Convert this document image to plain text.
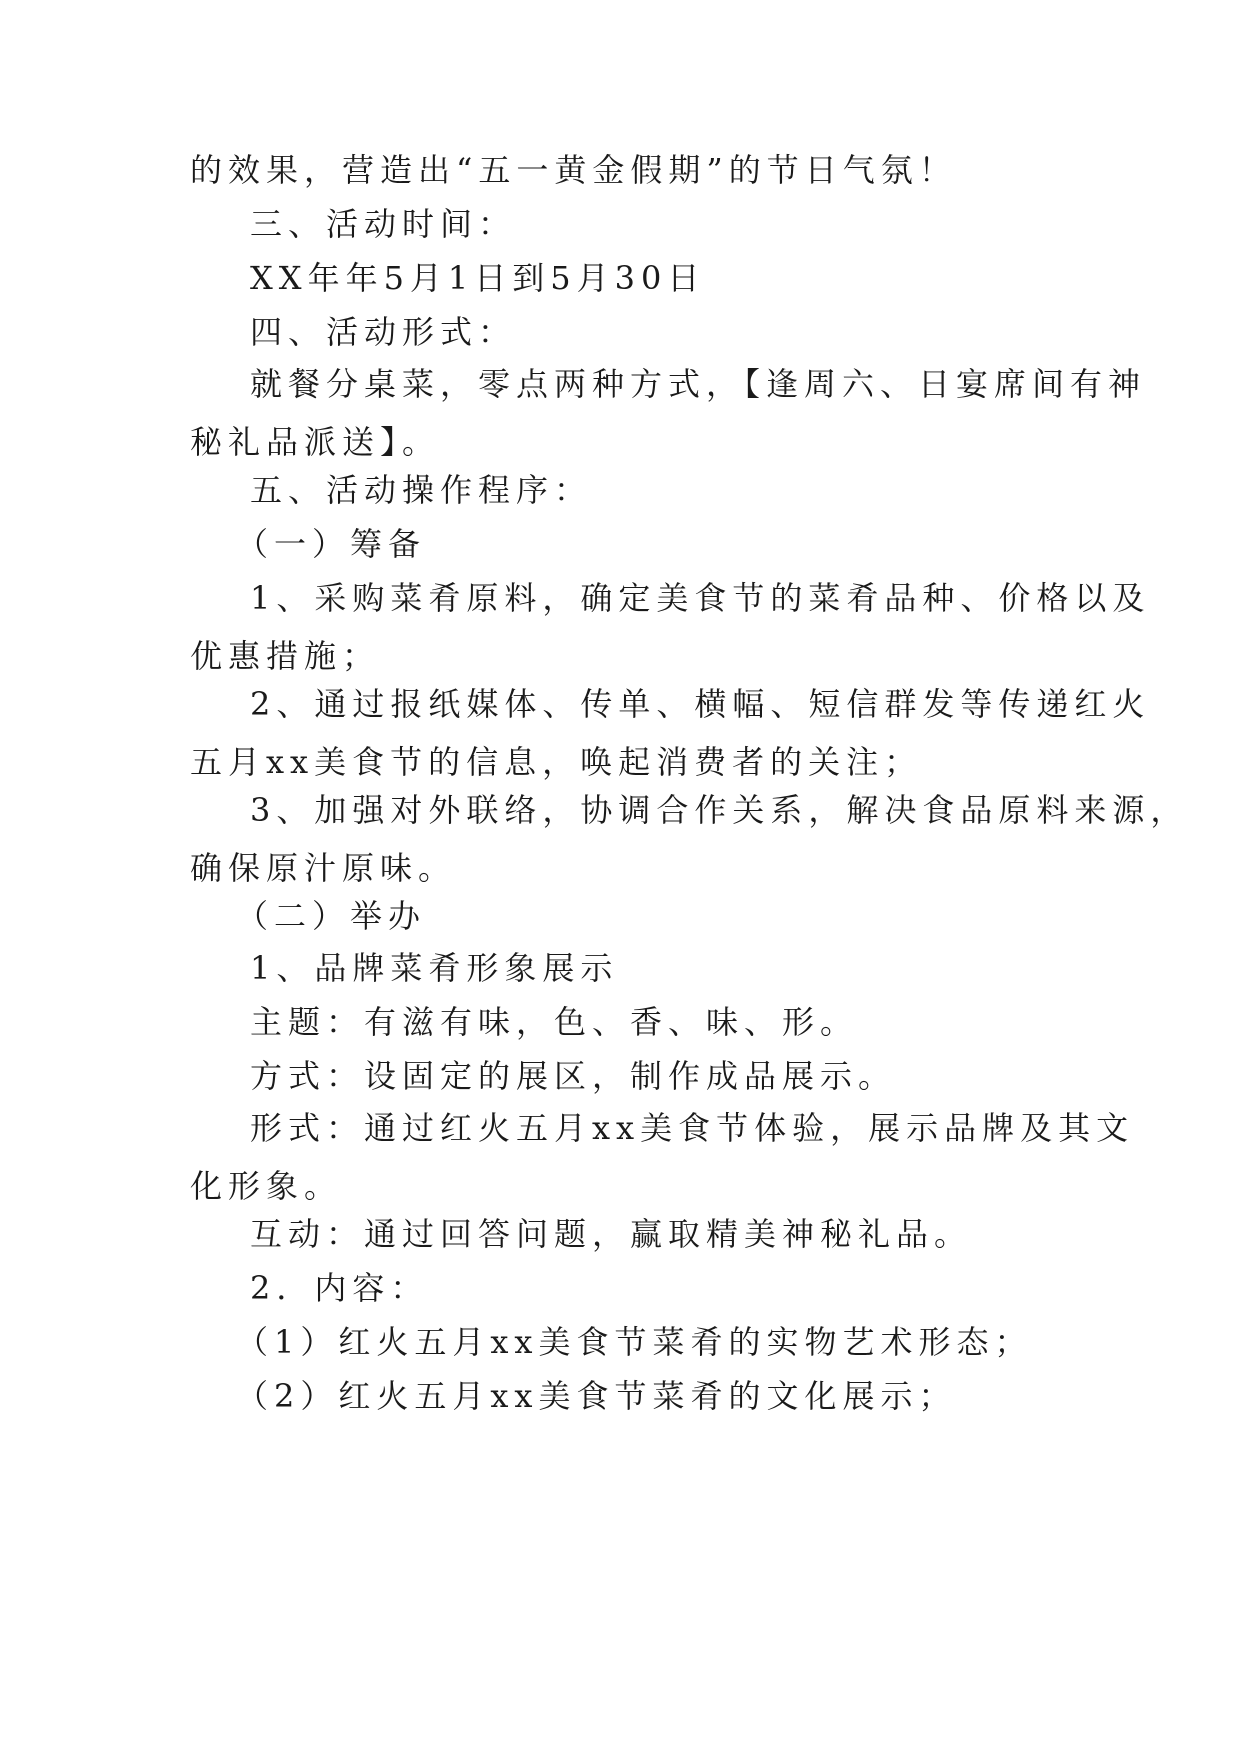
的效果，营造出“五一黄金假期”的节日气氛！

三、活动时间：

XX年年5月1日到5月30日

四、活动形式：

就餐分桌菜，零点两种方式，【逢周六、日宴席间有神
秘礼品派送】。

五、活动操作程序：

（一）筹备

1、采购菜肴原料，确定美食节的菜肴品种、价格以及
优惠措施；

2、通过报纸媒体、传单、横幅、短信群发等传递红火
五月xx美食节的信息，唤起消费者的关注；

3、加强对外联络，协调合作关系，解决食品原料来源，
确保原汁原味。

（二）举办

1、品牌菜肴形象展示

主题：有滋有味，色、香、味、形。

方式：设固定的展区，制作成品展示。

形式：通过红火五月xx美食节体验，展示品牌及其文
化形象。

互动：通过回答问题，赢取精美神秘礼品。

2．内容：

（1）红火五月xx美食节菜肴的实物艺术形态；

（2）红火五月xx美食节菜肴的文化展示；
